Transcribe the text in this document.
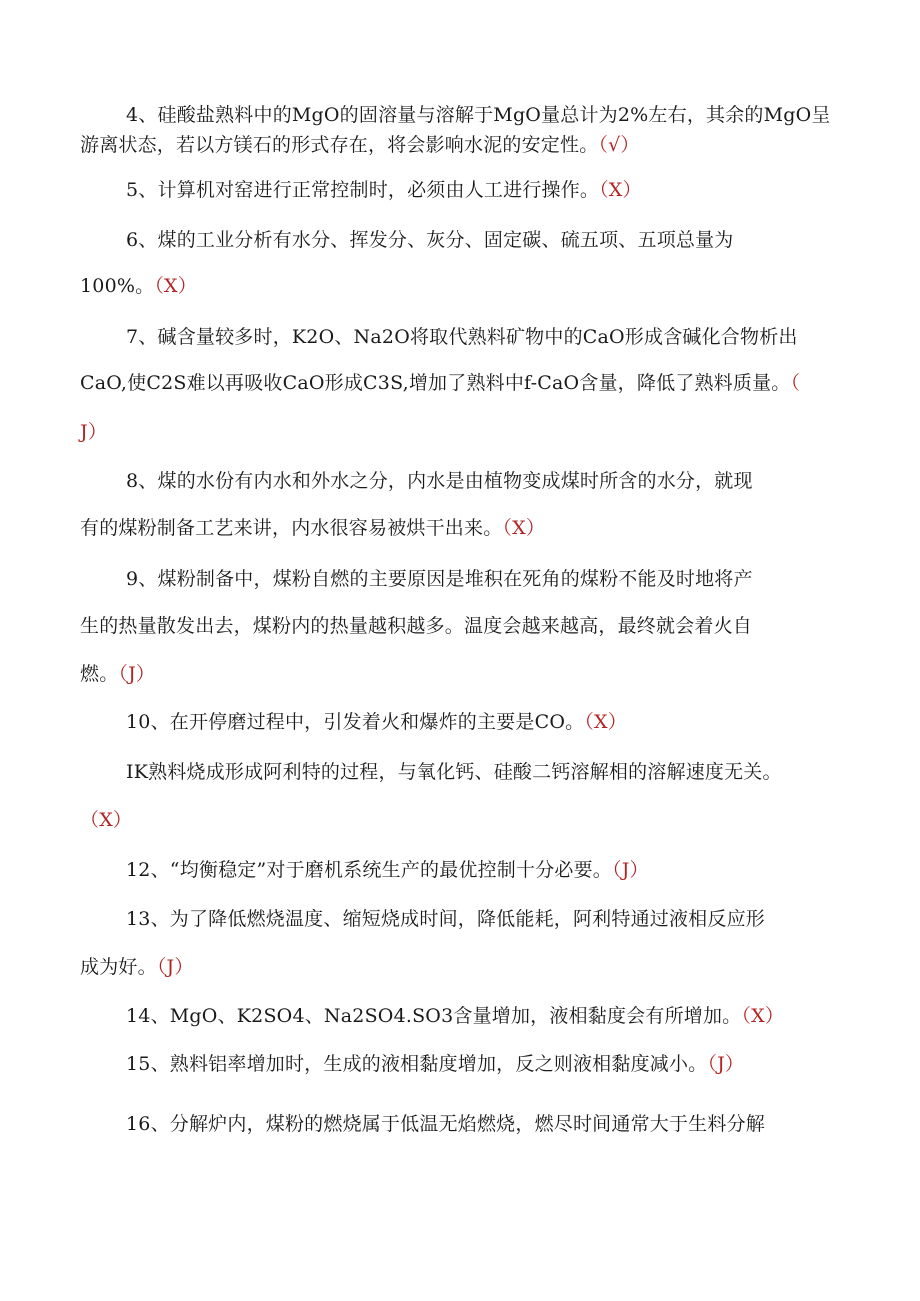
4、硅酸盐熟料中的MgO的固溶量与溶解于MgO量总计为2%左右，其余的MgO呈
游离状态，若以方镁石的形式存在，将会影响水泥的安定性。（√）
5、计算机对窑进行正常控制时，必须由人工进行操作。（X）
6、煤的工业分析有水分、挥发分、灰分、固定碳、硫五项、五项总量为
100%。（X）
7、碱含量较多时，K2O、Na2O将取代熟料矿物中的CaO形成含碱化合物析出
CaO,使C2S难以再吸收CaO形成C3S,增加了熟料中f-CaO含量，降低了熟料质量。（
J）
8、煤的水份有内水和外水之分，内水是由植物变成煤时所含的水分，就现
有的煤粉制备工艺来讲，内水很容易被烘干出来。（X）
9、煤粉制备中，煤粉自燃的主要原因是堆积在死角的煤粉不能及时地将产
生的热量散发出去，煤粉内的热量越积越多。温度会越来越高，最终就会着火自
燃。（J）
10、在开停磨过程中，引发着火和爆炸的主要是CO。（X）
IK熟料烧成形成阿利特的过程，与氧化钙、硅酸二钙溶解相的溶解速度无关。
（X）
12、“均衡稳定”对于磨机系统生产的最优控制十分必要。（J）
13、为了降低燃烧温度、缩短烧成时间，降低能耗，阿利特通过液相反应形
成为好。（J）
14、MgO、K2SO4、Na2SO4.SO3含量增加，液相黏度会有所增加。（X）
15、熟料铝率增加时，生成的液相黏度增加，反之则液相黏度减小。（J）
16、分解炉内，煤粉的燃烧属于低温无焰燃烧，燃尽时间通常大于生料分解
